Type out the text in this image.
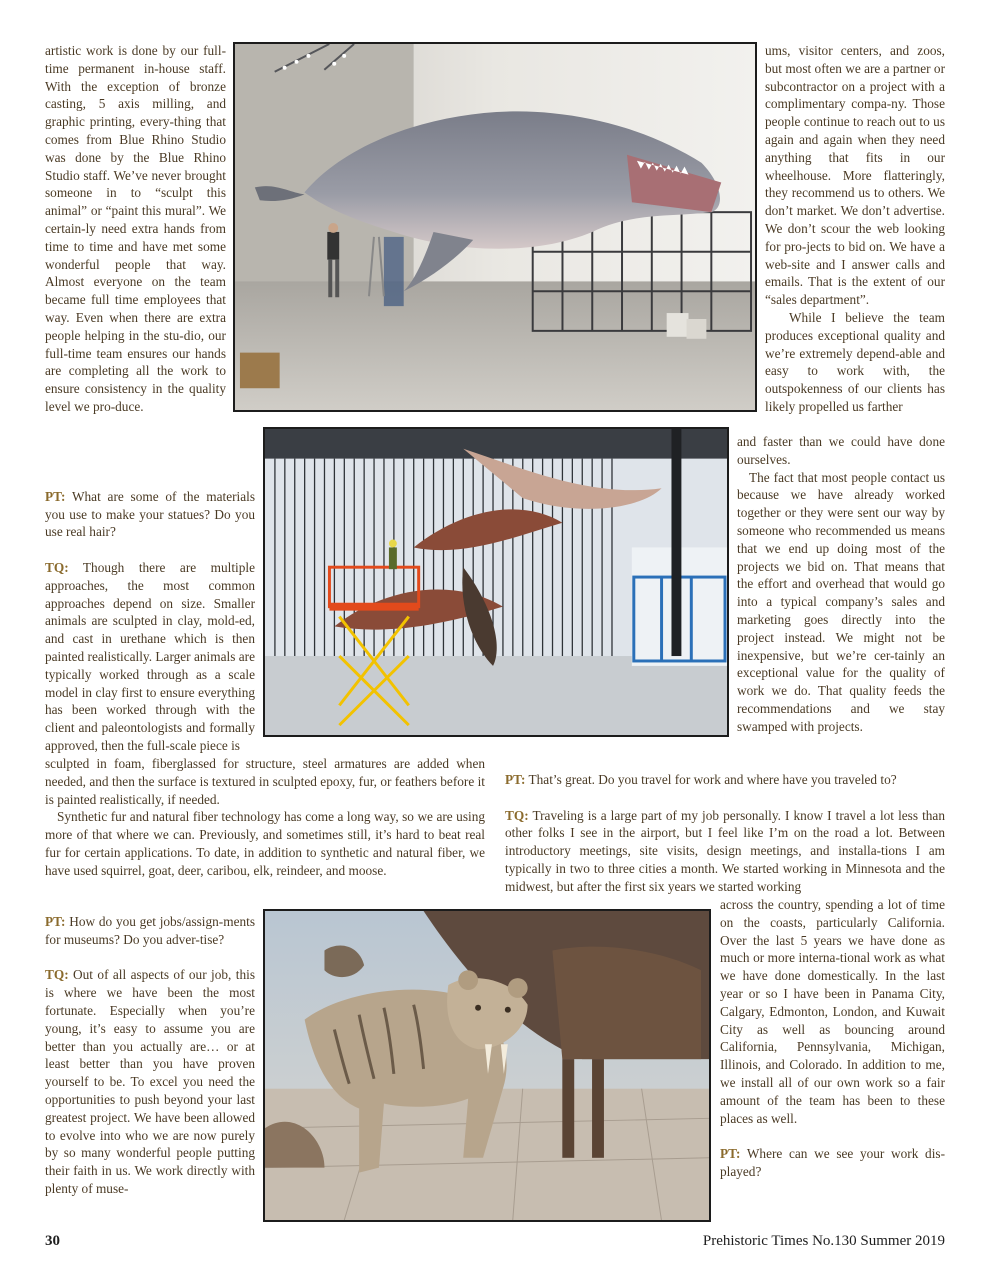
artistic work is done by our full-time permanent in-house staff. With the exception of bronze casting, 5 axis milling, and graphic printing, every-thing that comes from Blue Rhino Studio was done by the Blue Rhino Studio staff. We’ve never brought someone in to “sculpt this animal” or “paint this mural”. We certain-ly need extra hands from time to time and have met some wonderful people that way. Almost everyone on the team became full time employees that way. Even when there are extra people helping in the stu-dio, our full-time team ensures our hands are completing all the work to ensure consistency in the quality level we pro-duce.

PT: What are some of the materials you use to make your statues? Do you use real hair?

TQ: Though there are multiple approaches, the most common approaches depend on size. Smaller animals are sculpted in clay, mold-ed, and cast in urethane which is then painted realistically. Larger animals are typically worked through as a scale model in clay first to ensure everything has been worked through with the client and paleontologists and formally approved, then the full-scale piece is

sculpted in foam, fiberglassed for structure, steel armatures are added when needed, and then the surface is textured in sculpted epoxy, fur, or feathers before it is painted realistically, if needed.

Synthetic fur and natural fiber technology has come a long way, so we are using more of that where we can. Previously, and sometimes still, it’s hard to beat real fur for certain applications. To date, in addition to synthetic and natural fiber, we have used squirrel, goat, deer, caribou, elk, reindeer, and moose.

PT: How do you get jobs/assign-ments for museums? Do you adver-tise?

TQ: Out of all aspects of our job, this is where we have been the most fortunate. Especially when you’re young, it’s easy to assume you are better than you actually are… or at least better than you have proven yourself to be. To excel you need the opportunities to push beyond your last greatest project. We have been allowed to evolve into who we are now purely by so many wonderful people putting their faith in us. We work directly with plenty of muse-

ums, visitor centers, and zoos, but most often we are a partner or subcontractor on a project with a complimentary compa-ny. Those people continue to reach out to us again and again when they need anything that fits in our wheelhouse. More flatteringly, they recommend us to others. We don’t market. We don’t advertise. We don’t scour the web looking for pro-jects to bid on. We have a web-site and I answer calls and emails. That is the extent of our “sales department”.

While I believe the team produces exceptional quality and we’re extremely depend-able and easy to work with, the outspokenness of our clients has likely propelled us farther

and faster than we could have done ourselves.

The fact that most people contact us because we have already worked together or they were sent our way by someone who recommended us means that we end up doing most of the projects we bid on. That means that the effort and overhead that would go into a typical company’s sales and marketing goes directly into the project instead. We might not be inexpensive, but we’re cer-tainly an exceptional value for the quality of work we do. That quality feeds the recommendations and we stay swamped with projects.

PT: That’s great. Do you travel for work and where have you traveled to?

TQ: Traveling is a large part of my job personally. I know I travel a lot less than other folks I see in the airport, but I feel like I’m on the road a lot. Between introductory meetings, site visits, design meetings, and installa-tions I am typically in two to three cities a month. We started working in Minnesota and the midwest, but after the first six years we started working

across the country, spending a lot of time on the coasts, particularly California. Over the last 5 years we have done as much or more interna-tional work as what we have done domestically. In the last year or so I have been in Panama City, Calgary, Edmonton, London, and Kuwait City as well as bouncing around California, Pennsylvania, Michigan, Illinois, and Colorado. In addition to me, we install all of our own work so a fair amount of the team has been to these places as well.

PT: Where can we see your work dis-played?

30	Prehistoric Times No.130 Summer 2019
